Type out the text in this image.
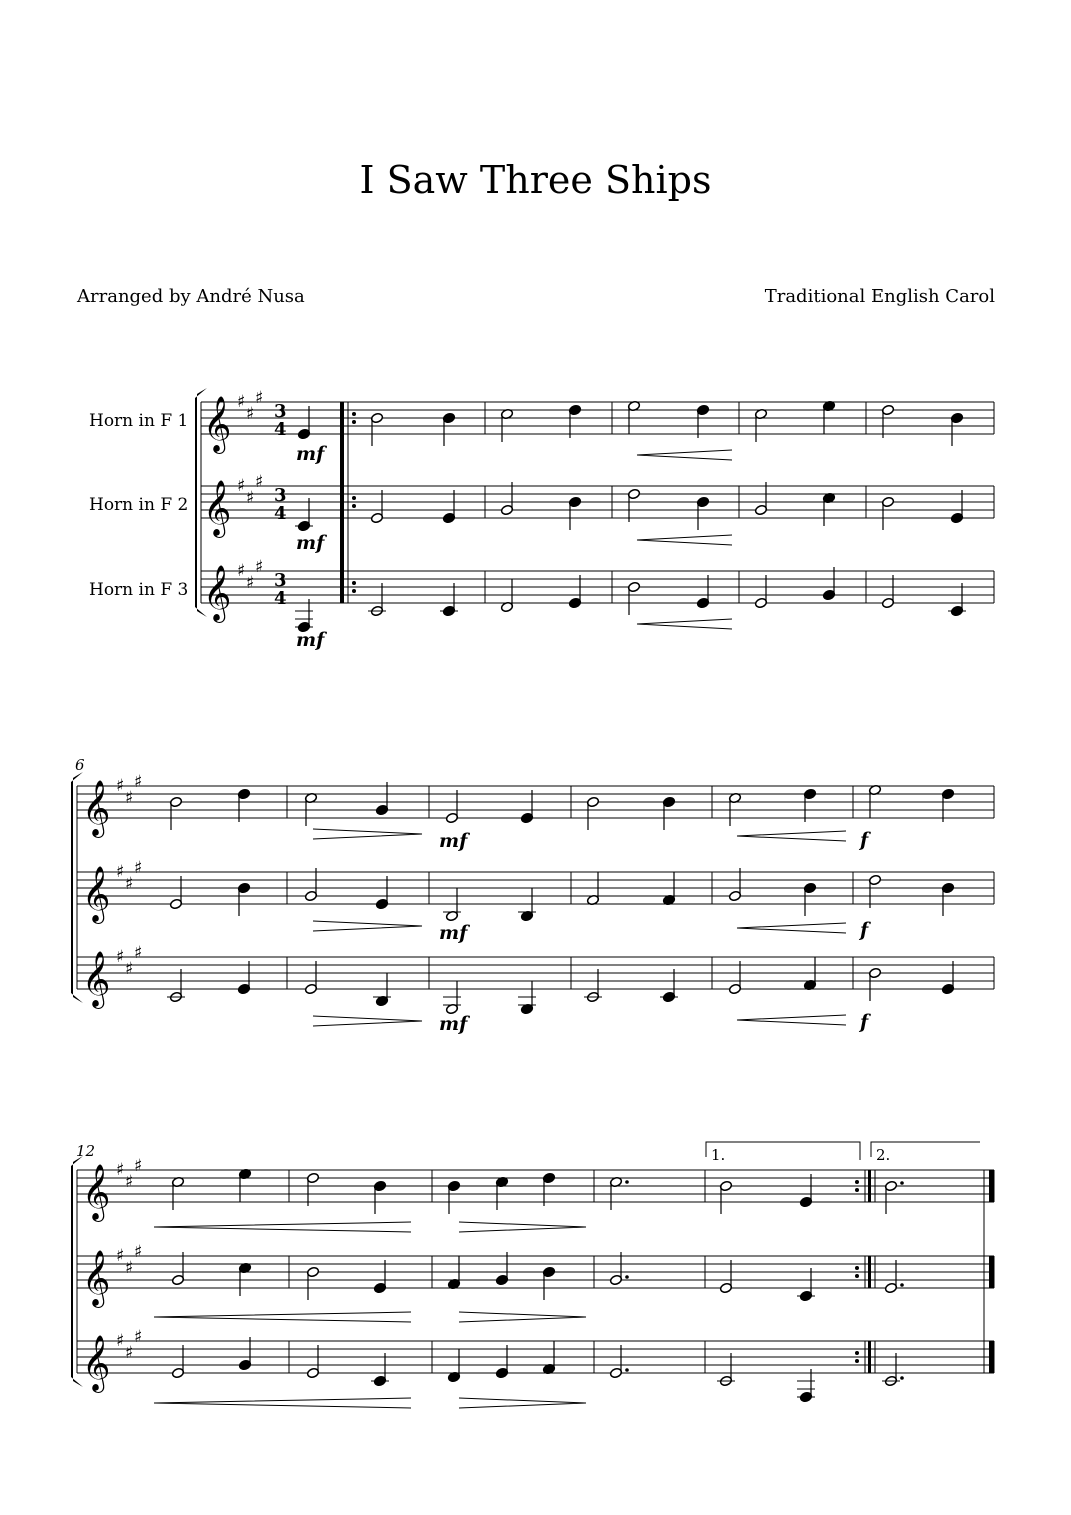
I Saw Three Ships
Arranged by André Nusa	Traditional English Carol
𝄞 ♯
♯
♯
𝄞 ♯
♯
♯
𝄞 ♯
♯
♯
𝄞 ♯
♯
♯
𝄞 ♯
♯
♯
𝄞 ♯
♯
♯
𝄞 ♯
♯
♯
𝄞 ♯
♯
♯
𝄞 ♯
♯
♯
Horn in F 1
Horn in F 2
Horn in F 3
6
12	1.	2.
mf
mf
mf
mf
mf
mf
f
f
f
3
4
3
4
3
4
